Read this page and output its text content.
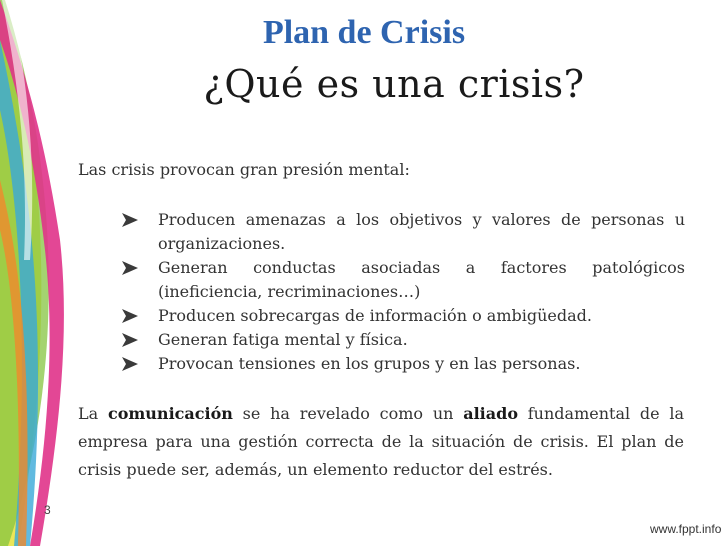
Plan de Crisis
¿Qué es una crisis?
Las crisis provocan gran presión mental:
Producen amenazas a los objetivos y valores de personas u organizaciones.
Generan conductas asociadas a factores patológicos (ineficiencia, recriminaciones…)
Producen sobrecargas de información o ambigüedad.
Generan fatiga mental y física.
Provocan tensiones en los grupos y en las personas.
La comunicación se ha revelado como un aliado fundamental de la empresa para una gestión correcta de la situación de crisis. El plan de crisis puede ser, además, un elemento reductor del estrés.
3
www.fppt.info
